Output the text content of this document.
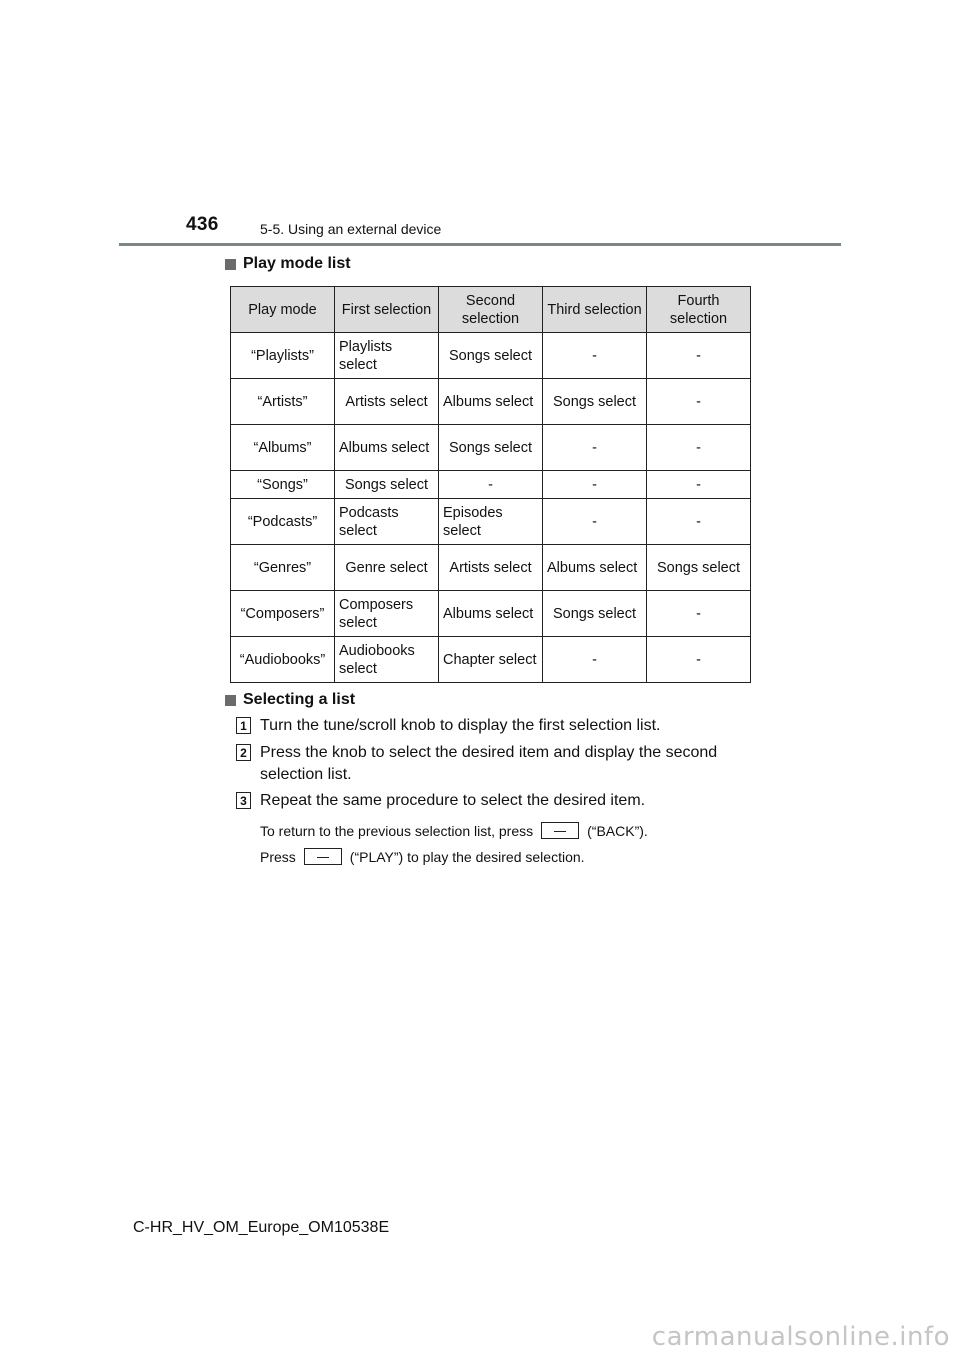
436	5-5. Using an external device
Play mode list
Play mode	First selection	Second selection	Third selection	Fourth selection
“Playlists”	Playlists select	Songs select	-	-
“Artists”	Artists select	Albums select	Songs select	-
“Albums”	Albums select	Songs select	-	-
“Songs”	Songs select	-	-	-
“Podcasts”	Podcasts select	Episodes select	-	-
“Genres”	Genre select	Artists select	Albums select	Songs select
“Composers”	Composers select	Albums select	Songs select	-
“Audiobooks”	Audiobooks select	Chapter select	-	-
Selecting a list
1 Turn the tune/scroll knob to display the first selection list.
2 Press the knob to select the desired item and display the second selection list.
3 Repeat the same procedure to select the desired item.
To return to the previous selection list, press	(“BACK”).
Press	(“PLAY”) to play the desired selection.
C-HR_HV_OM_Europe_OM10538E
carmanualsonline.info
